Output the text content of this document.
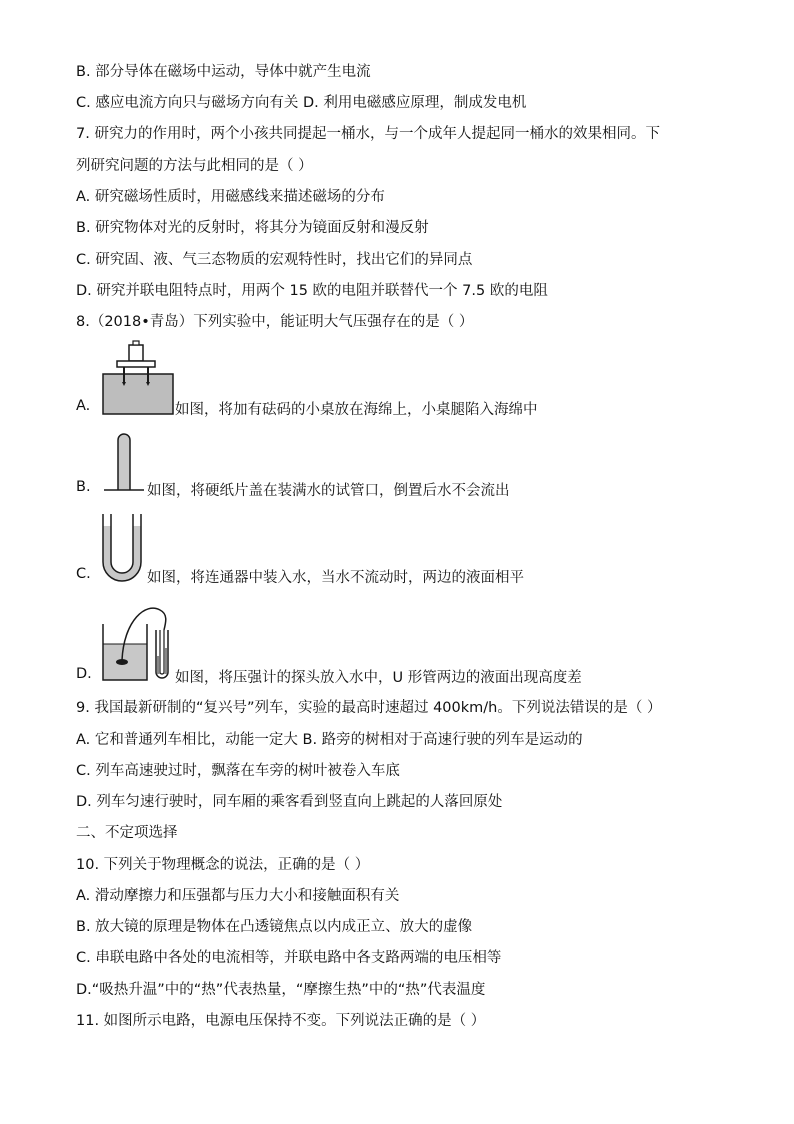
B. 部分导体在磁场中运动，导体中就产生电流
C. 感应电流方向只与磁场方向有关 D. 利用电磁感应原理，制成发电机
7. 研究力的作用时，两个小孩共同提起一桶水，与一个成年人提起同一桶水的效果相同。下
列研究问题的方法与此相同的是（ ）
A. 研究磁场性质时，用磁感线来描述磁场的分布
B. 研究物体对光的反射时，将其分为镜面反射和漫反射
C. 研究固、液、气三态物质的宏观特性时，找出它们的异同点
D. 研究并联电阻特点时，用两个 15 欧的电阻并联替代一个 7.5 欧的电阻
8.（2018•青岛）下列实验中，能证明大气压强存在的是（ ）
A.	如图，将加有砝码的小桌放在海绵上，小桌腿陷入海绵中
B.	如图，将硬纸片盖在装满水的试管口，倒置后水不会流出
C.	如图，将连通器中装入水，当水不流动时，两边的液面相平
D.	如图，将压强计的探头放入水中，U 形管两边的液面出现高度差
9. 我国最新研制的“复兴号”列车，实验的最高时速超过 400km/h。下列说法错误的是（ ）
A. 它和普通列车相比，动能一定大 B. 路旁的树相对于高速行驶的列车是运动的
C. 列车高速驶过时，飘落在车旁的树叶被卷入车底
D. 列车匀速行驶时，同车厢的乘客看到竖直向上跳起的人落回原处
二、不定项选择
10. 下列关于物理概念的说法，正确的是（ ）
A. 滑动摩擦力和压强都与压力大小和接触面积有关
B. 放大镜的原理是物体在凸透镜焦点以内成正立、放大的虚像
C. 串联电路中各处的电流相等，并联电路中各支路两端的电压相等
D.“吸热升温”中的“热”代表热量，“摩擦生热”中的“热”代表温度
11. 如图所示电路，电源电压保持不变。下列说法正确的是（ ）
